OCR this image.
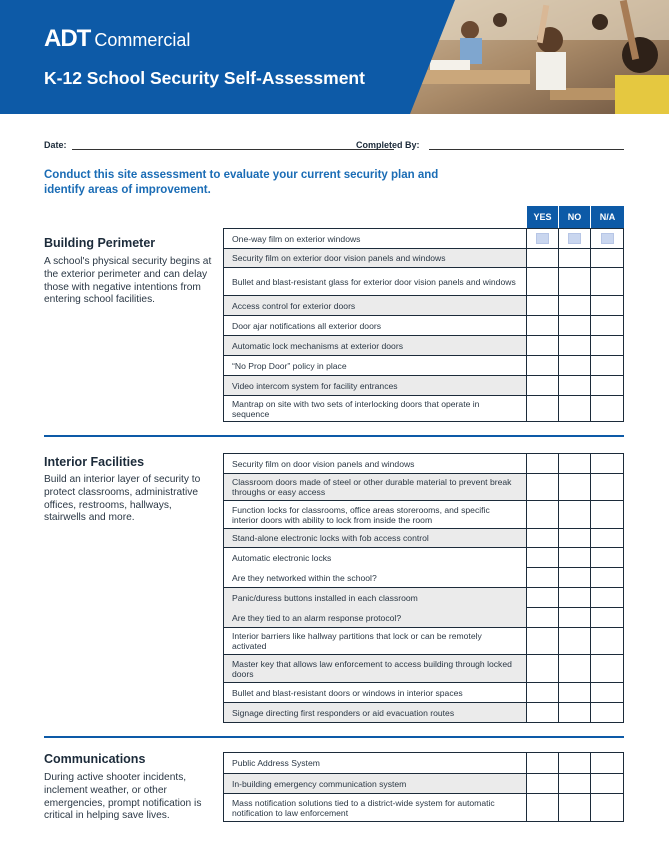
ADT Commercial
K-12 School Security Self-Assessment
Date:	Completed By:
Conduct this site assessment to evaluate your current security plan and identify areas of improvement.
YES	NO	N/A
Building Perimeter
A school's physical security begins at the exterior perimeter and can delay those with negative intentions from entering school facilities.
One-way film on exterior windows
Security film on exterior door vision panels and windows
Bullet and blast-resistant glass for exterior door vision panels and windows
Access control for exterior doors
Door ajar notifications all exterior doors
Automatic lock mechanisms at exterior doors
“No Prop Door” policy in place
Video intercom system for facility entrances
Mantrap on site with two sets of interlocking doors that operate in sequence
Interior Facilities
Build an interior layer of security to protect classrooms, administrative offices, restrooms, hallways, stairwells and more.
Security film on door vision panels and windows
Classroom doors made of steel or other durable material to prevent break throughs or easy access
Function locks for classrooms, office areas storerooms, and specific interior doors with ability to lock from inside the room
Stand-alone electronic locks with fob access control
Automatic electronic locks
Are they networked within the school?
Panic/duress buttons installed in each classroom
Are they tied to an alarm response protocol?
Interior barriers like hallway partitions that lock or can be remotely activated
Master key that allows law enforcement to access building through locked doors
Bullet and blast-resistant doors or windows in interior spaces
Signage directing first responders or aid evacuation routes
Communications
During active shooter incidents, inclement weather, or other emergencies, prompt notification is critical in helping save lives.
Public Address System
In-building emergency communication system
Mass notification solutions tied to a district-wide system for automatic notification to law enforcement
